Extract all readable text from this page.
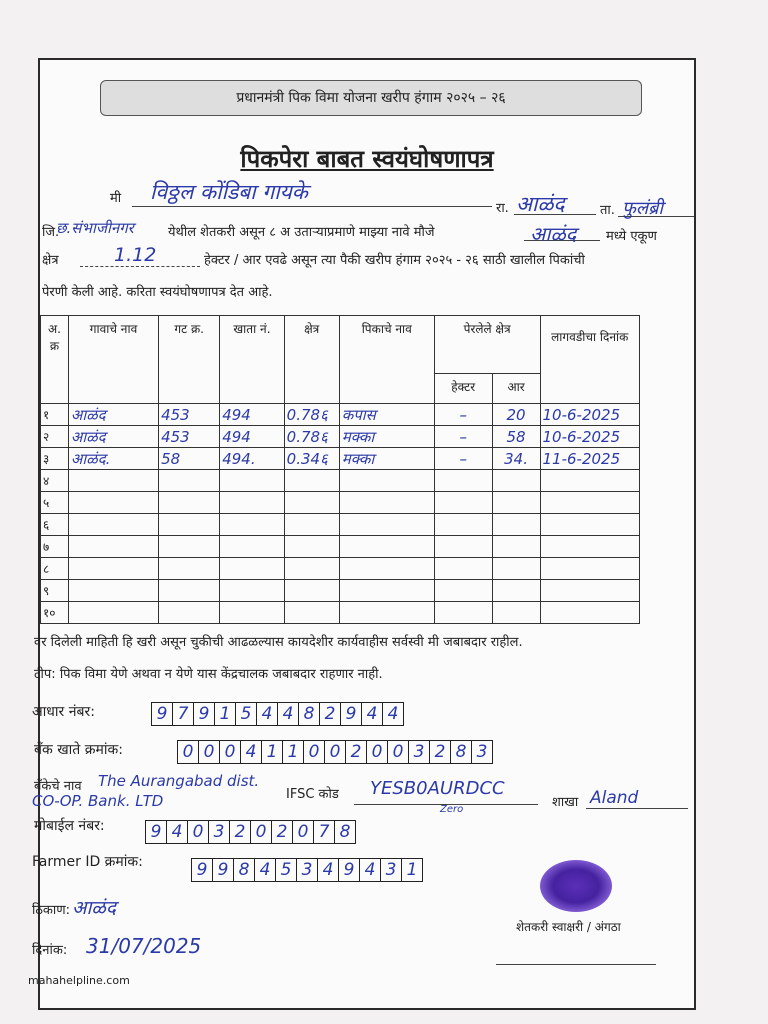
प्रधानमंत्री पिक विमा योजना खरीप हंगाम २०२५ – २६
पिकपेरा बाबत स्वयंघोषणापत्र
मी विठ्ठल कोंडिबा गायके
रा. आळंद	ता. फुलंब्री
जि.
छ.संभाजीनगर	येथील शेतकरी असून ८ अ उताऱ्याप्रमाणे माझ्या नावे मौजे	आळंद मध्ये एकूण
क्षेत्र	1.12	हेक्टर / आर एवढे असून त्या पैकी खरीप हंगाम २०२५ - २६ साठी खालील पिकांची
पेरणी केली आहे. करिता स्वयंघोषणापत्र देत आहे.
अ. क्र	गावाचे नाव	गट क्र.	खाता नं.	क्षेत्र	पिकाचे नाव	पेरलेले क्षेत्र		लागवडीचा दिनांक
						हेक्टर	आर	
१	आळंद	453	494	0.78६	कपास	–	20	10-6-2025
२	आळंद	453	494	0.78६	मक्का	–	58	10-6-2025
३	आळंद.	58	494.	0.34६	मक्का	–	34.	11-6-2025
४								
५								
६								
७								
८								
९								
१०								
वर दिलेली माहिती हि खरी असून चुकीची आढळल्यास कायदेशीर कार्यवाहीस सर्वस्वी मी जबाबदार राहील.
टीप: पिक विमा येणे अथवा न येणे यास केंद्रचालक जबाबदार राहणार नाही.
आधार नंबर:	9 7 9 1 5 4 4 8 2 9 4 4
बँक खाते क्रमांक:	0 0 0 4 1 1 0 0 2 0 0 3 2 8 3
बँकेचे नाव The Aurangabad dist.
CO-OP. Bank. LTD	IFSC कोड YESB0AURDCC
Zero	शाखा Aland
मोबाईल नंबर:	9 4 0 3 2 0 2 0 7 8
Farmer ID क्रमांक:	9 9 8 4 5 3 4 9 4 3 1
शेतकरी स्वाक्षरी / अंगठा
ठिकाण: आळंद
दिनांक: 31/07/2025
mahahelpline.com
